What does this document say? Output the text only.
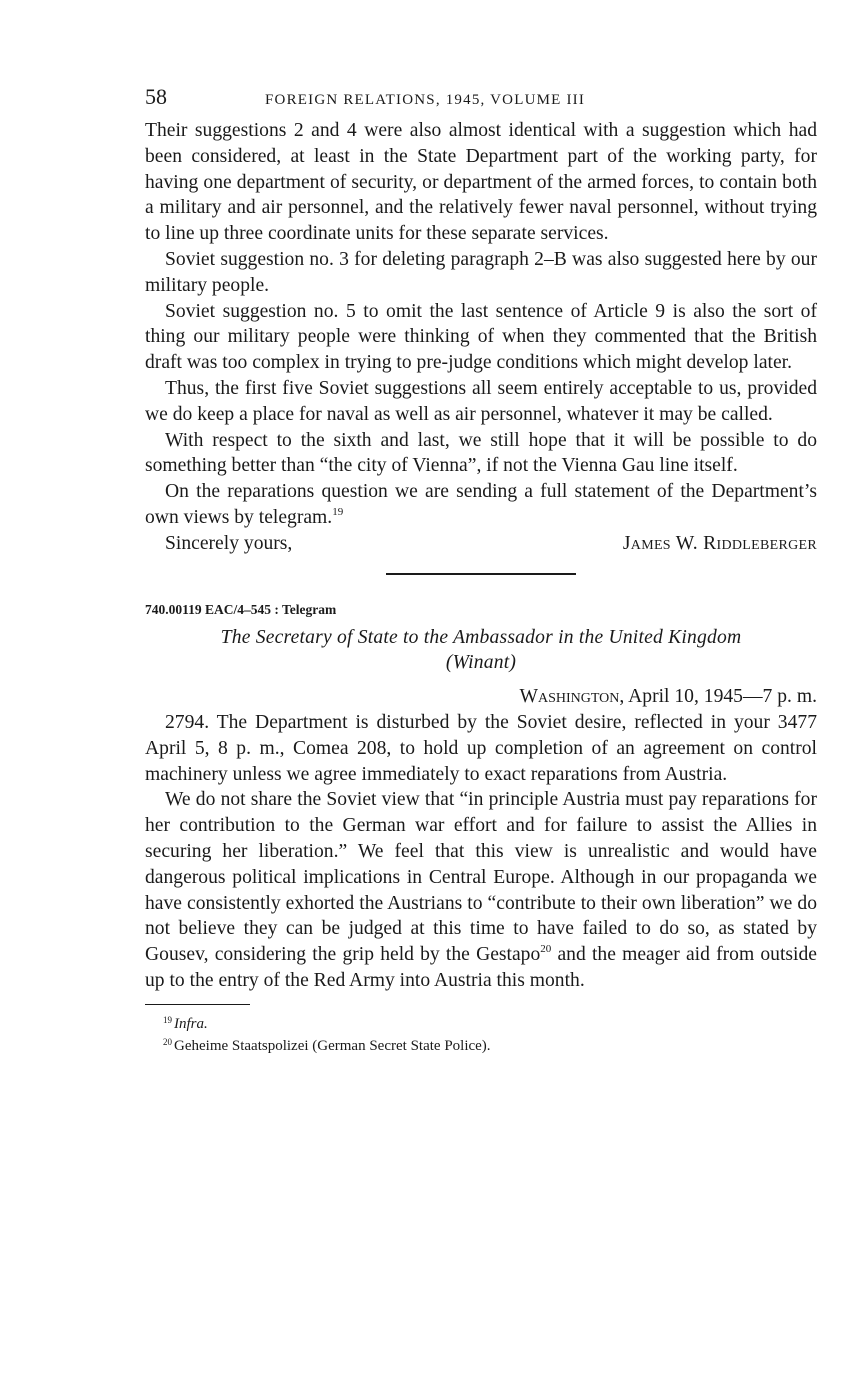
58	FOREIGN RELATIONS, 1945, VOLUME III

Their suggestions 2 and 4 were also almost identical with a suggestion which had been considered, at least in the State Department part of the working party, for having one department of security, or department of the armed forces, to contain both a military and air personnel, and the relatively fewer naval personnel, without trying to line up three coordinate units for these separate services.

Soviet suggestion no. 3 for deleting paragraph 2–B was also suggested here by our military people.

Soviet suggestion no. 5 to omit the last sentence of Article 9 is also the sort of thing our military people were thinking of when they commented that the British draft was too complex in trying to pre-judge conditions which might develop later.

Thus, the first five Soviet suggestions all seem entirely acceptable to us, provided we do keep a place for naval as well as air personnel, whatever it may be called.

With respect to the sixth and last, we still hope that it will be possible to do something better than “the city of Vienna”, if not the Vienna Gau line itself.

On the reparations question we are sending a full statement of the Department’s own views by telegram.$^{19}$

Sincerely yours,	James W. Riddleberger
740.00119 EAC/4–545 : Telegram
The Secretary of State to the Ambassador in the United Kingdom
(Winant)
Washington, April 10, 1945—7 p. m.

2794. The Department is disturbed by the Soviet desire, reflected in your 3477 April 5, 8 p. m., Comea 208, to hold up completion of an agreement on control machinery unless we agree immediately to exact reparations from Austria.

We do not share the Soviet view that “in principle Austria must pay reparations for her contribution to the German war effort and for failure to assist the Allies in securing her liberation.” We feel that this view is unrealistic and would have dangerous political implications in Central Europe. Although in our propaganda we have consistently exhorted the Austrians to “contribute to their own liberation” we do not believe they can be judged at this time to have failed to do so, as stated by Gousev, considering the grip held by the Gestapo$^{20}$ and the meager aid from outside up to the entry of the Red Army into Austria this month.

$^{19}$ Infra.
$^{20}$ Geheime Staatspolizei (German Secret State Police).
